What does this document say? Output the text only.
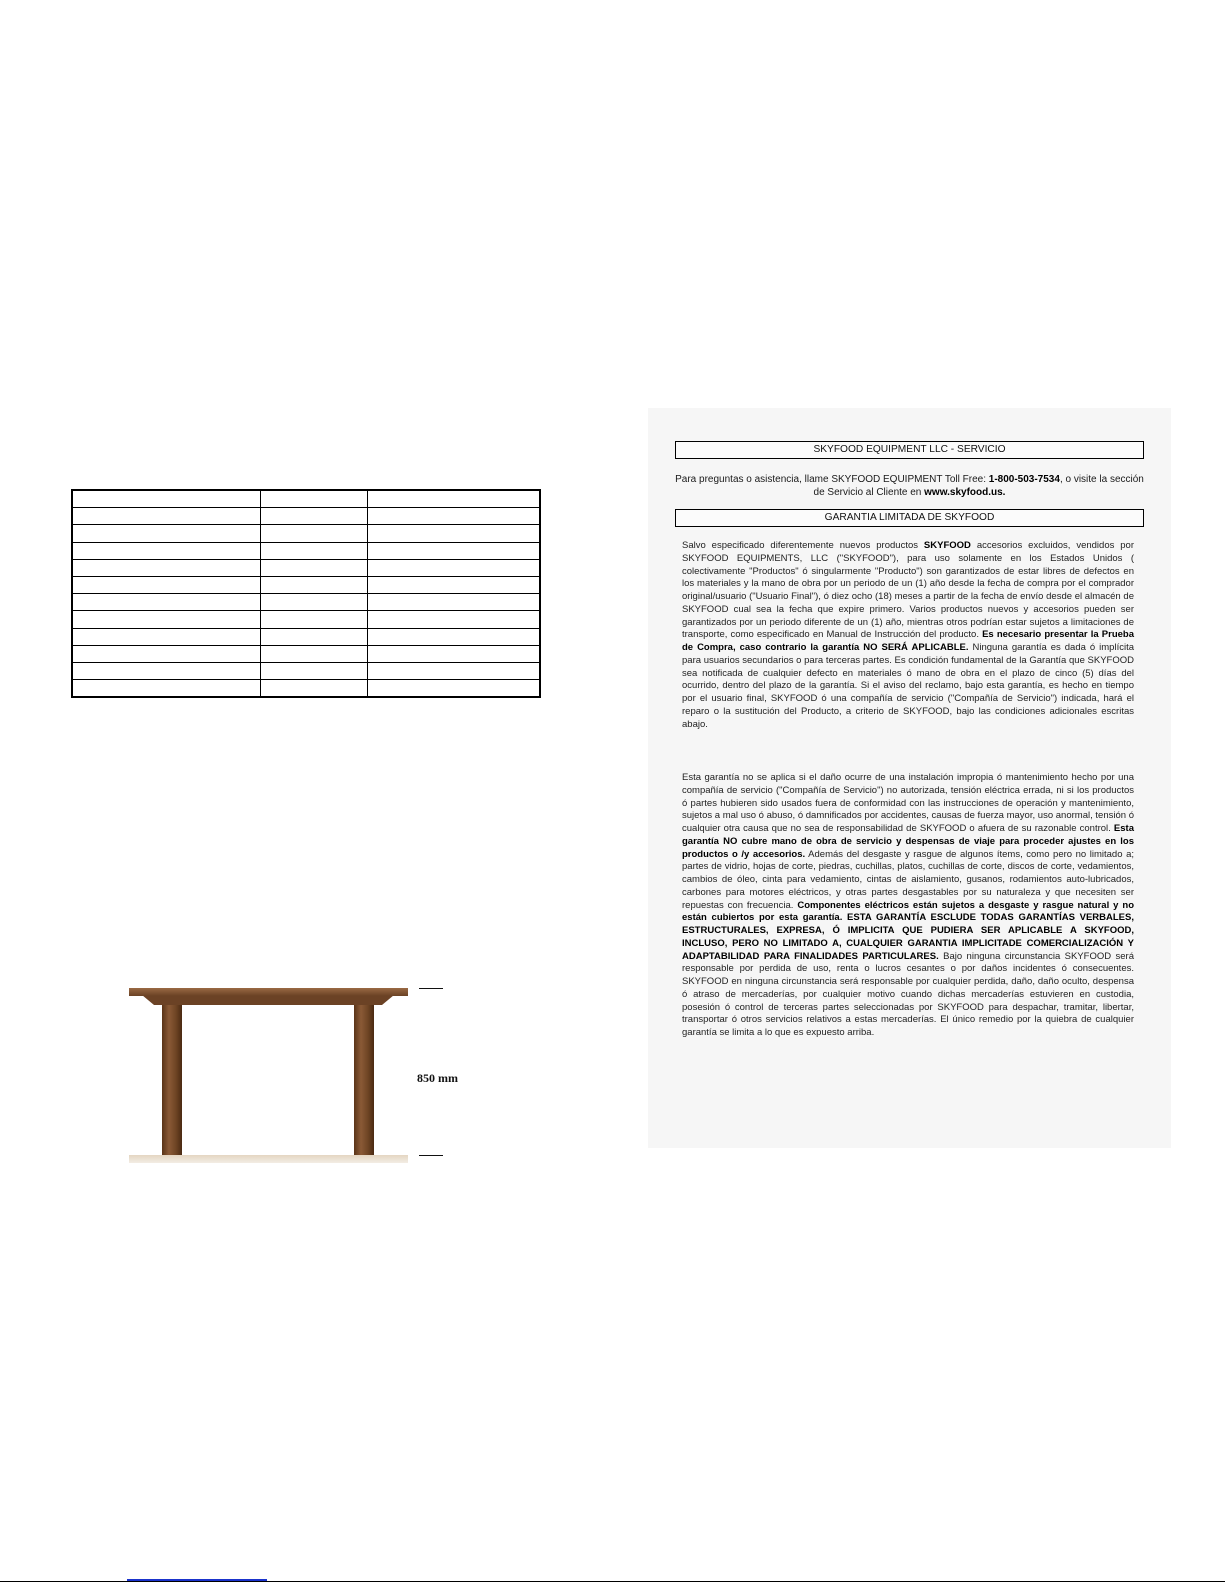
850 mm
SKYFOOD EQUIPMENT LLC - SERVICIO
Para preguntas o asistencia, llame SKYFOOD EQUIPMENT Toll Free: 1-800-503-7534, o visite la sección de Servicio al Cliente en www.skyfood.us.
GARANTIA LIMITADA DE SKYFOOD
Salvo especificado diferentemente nuevos productos SKYFOOD accesorios excluidos, vendidos por SKYFOOD EQUIPMENTS, LLC ("SKYFOOD"), para uso solamente en los Estados Unidos ( colectivamente "Productos" ó singularmente "Producto") son garantizados de estar libres de defectos en los materiales y la mano de obra por un periodo de un (1) año desde la fecha de compra por el comprador original/usuario ("Usuario Final"), ó diez ocho (18) meses a partir de la fecha de envío desde el almacén de SKYFOOD cual sea la fecha que expire primero. Varios productos nuevos y accesorios pueden ser garantizados por un periodo diferente de un (1) año, mientras otros podrían estar sujetos a limitaciones de transporte, como especificado en Manual de Instrucción del producto. Es necesario presentar la Prueba de Compra, caso contrario la garantía NO SERÁ APLICABLE. Ninguna garantía es dada ó implícita para usuarios secundarios o para terceras partes. Es condición fundamental de la Garantía que SKYFOOD sea notificada de cualquier defecto en materiales ó mano de obra en el plazo de cinco (5) días del ocurrido, dentro del plazo de la garantía. Si el aviso del reclamo, bajo esta garantía, es hecho en tiempo por el usuario final, SKYFOOD ó una compañía de servicio ("Compañía de Servicio") indicada, hará el reparo o la sustitución del Producto, a criterio de SKYFOOD, bajo las condiciones adicionales escritas abajo.
Esta garantía no se aplica si el daño ocurre de una instalación impropia ó mantenimiento hecho por una compañía de servicio ("Compañía de Servicio") no autorizada, tensión eléctrica errada, ni si los productos ó partes hubieren sido usados fuera de conformidad con las instrucciones de operación y mantenimiento, sujetos a mal uso ó abuso, ó damnificados por accidentes, causas de fuerza mayor, uso anormal, tensión ó cualquier otra causa que no sea de responsabilidad de SKYFOOD o afuera de su razonable control. Esta garantía NO cubre mano de obra de servicio y despensas de viaje para proceder ajustes en los productos o /y accesorios. Además del desgaste y rasgue de algunos ítems, como pero no limitado a; partes de vidrio, hojas de corte, piedras, cuchillas, platos, cuchillas de corte, discos de corte, vedamientos, cambios de óleo, cinta para vedamiento, cintas de aislamiento, gusanos, rodamientos auto-lubricados, carbones para motores eléctricos, y otras partes desgastables por su naturaleza y que necesiten ser repuestas con frecuencia. Componentes eléctricos están sujetos a desgaste y rasgue natural y no están cubiertos por esta garantía. ESTA GARANTÍA ESCLUDE TODAS GARANTÍAS VERBALES, ESTRUCTURALES, EXPRESA, Ó IMPLICITA QUE PUDIERA SER APLICABLE A SKYFOOD, INCLUSO, PERO NO LIMITADO A, CUALQUIER GARANTIA IMPLICITADE COMERCIALIZACIÓN Y ADAPTABILIDAD PARA FINALIDADES PARTICULARES. Bajo ninguna circunstancia SKYFOOD será responsable por perdida de uso, renta o lucros cesantes o por daños incidentes ó consecuentes. SKYFOOD en ninguna circunstancia será responsable por cualquier perdida, daño, daño oculto, despensa ó atraso de mercaderías, por cualquier motivo cuando dichas mercaderías estuvieren en custodia, posesión ó control de terceras partes seleccionadas por SKYFOOD para despachar, tramitar, libertar, transportar ó otros servicios relativos a estas mercaderías. El único remedio por la quiebra de cualquier garantía se limita a lo que es expuesto arriba.
